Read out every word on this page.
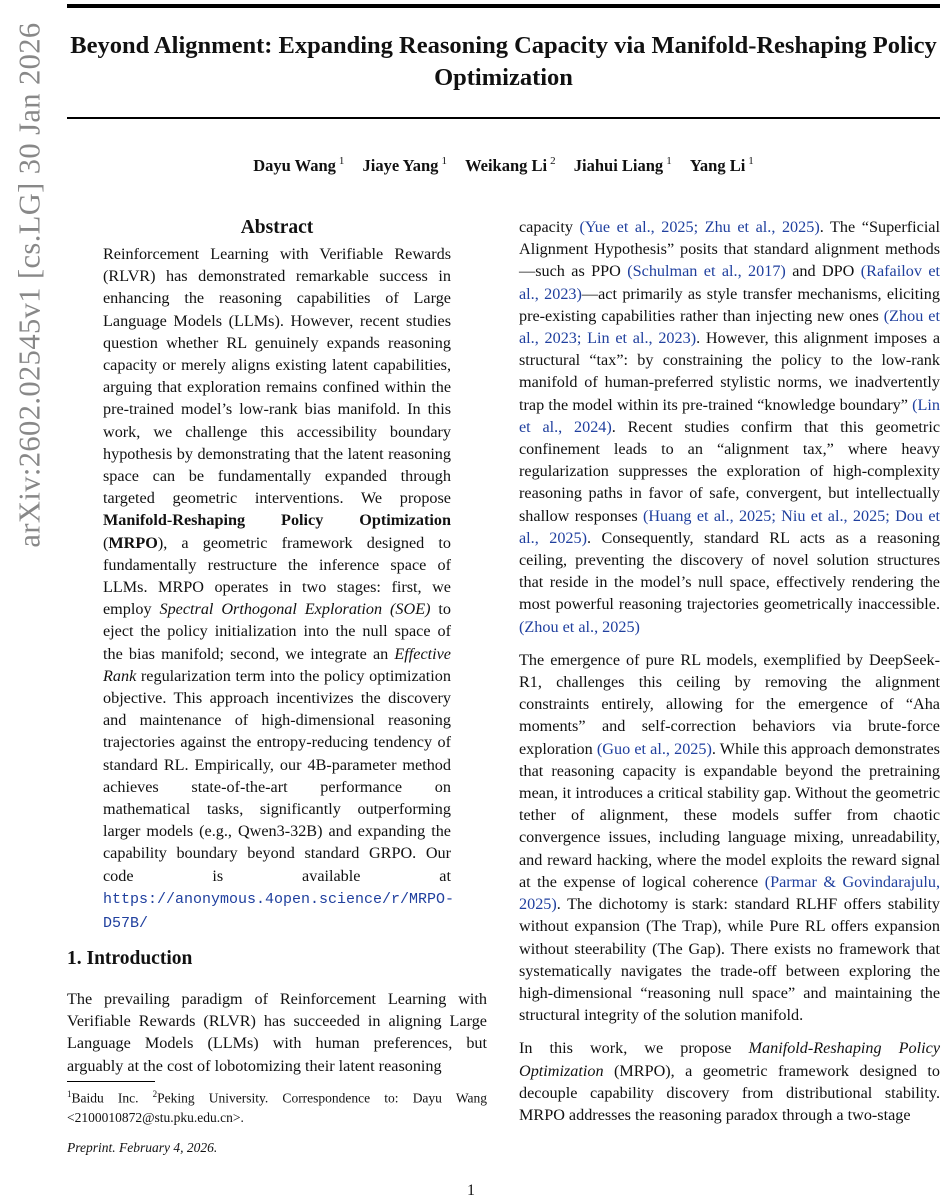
Beyond Alignment: Expanding Reasoning Capacity via Manifold-Reshaping Policy Optimization
Dayu Wang $^1$ Jiaye Yang $^1$ Weikang Li $^2$ Jiahui Liang $^1$ Yang Li $^1$
arXiv:2602.02545v1 [cs.LG] 30 Jan 2026	Abstract

Reinforcement Learning with Verifiable Rewards (RLVR) has demonstrated remarkable success in enhancing the reasoning capabilities of Large Language Models (LLMs). However, recent studies question whether RL genuinely expands reasoning capacity or merely aligns existing latent capabilities, arguing that exploration remains confined within the pre-trained model’s low-rank bias manifold. In this work, we challenge this accessibility boundary hypothesis by demonstrating that the latent reasoning space can be fundamentally expanded through targeted geometric interventions. We propose Manifold-Reshaping Policy Optimization (MRPO), a geometric framework designed to fundamentally restructure the inference space of LLMs. MRPO operates in two stages: first, we employ Spectral Orthogonal Exploration (SOE) to eject the policy initialization into the null space of the bias manifold; second, we integrate an Effective Rank regularization term into the policy optimization objective. This approach incentivizes the discovery and maintenance of high-dimensional reasoning trajectories against the entropy-reducing tendency of standard RL. Empirically, our 4B-parameter method achieves state-of-the-art performance on mathematical tasks, significantly outperforming larger models (e.g., Qwen3-32B) and expanding the capability boundary beyond standard GRPO. Our code is available at https://anonymous.4open.science/r/MRPO-D57B/

1. Introduction

The prevailing paradigm of Reinforcement Learning with Verifiable Rewards (RLVR) has succeeded in aligning Large Language Models (LLMs) with human preferences, but arguably at the cost of lobotomizing their latent reasoning

$^1$Baidu Inc. $^2$Peking University. Correspondence to: Dayu Wang <2100010872@stu.pku.edu.cn>.

Preprint. February 4, 2026.

1

capacity (Yue et al., 2025; Zhu et al., 2025). The “Superficial Alignment Hypothesis” posits that standard alignment methods—such as PPO (Schulman et al., 2017) and DPO (Rafailov et al., 2023)—act primarily as style transfer mechanisms, eliciting pre-existing capabilities rather than injecting new ones (Zhou et al., 2023; Lin et al., 2023). However, this alignment imposes a structural “tax”: by constraining the policy to the low-rank manifold of human-preferred stylistic norms, we inadvertently trap the model within its pre-trained “knowledge boundary” (Lin et al., 2024). Recent studies confirm that this geometric confinement leads to an “alignment tax,” where heavy regularization suppresses the exploration of high-complexity reasoning paths in favor of safe, convergent, but intellectually shallow responses (Huang et al., 2025; Niu et al., 2025; Dou et al., 2025). Consequently, standard RL acts as a reasoning ceiling, preventing the discovery of novel solution structures that reside in the model’s null space, effectively rendering the most powerful reasoning trajectories geometrically inaccessible. (Zhou et al., 2025)

The emergence of pure RL models, exemplified by DeepSeek-R1, challenges this ceiling by removing the alignment constraints entirely, allowing for the emergence of “Aha moments” and self-correction behaviors via brute-force exploration (Guo et al., 2025). While this approach demonstrates that reasoning capacity is expandable beyond the pretraining mean, it introduces a critical stability gap. Without the geometric tether of alignment, these models suffer from chaotic convergence issues, including language mixing, unreadability, and reward hacking, where the model exploits the reward signal at the expense of logical coherence (Parmar & Govindarajulu, 2025). The dichotomy is stark: standard RLHF offers stability without expansion (The Trap), while Pure RL offers expansion without steerability (The Gap). There exists no framework that systematically navigates the trade-off between exploring the high-dimensional “reasoning null space” and maintaining the structural integrity of the solution manifold.

In this work, we propose Manifold-Reshaping Policy Optimization (MRPO), a geometric framework designed to decouple capability discovery from distributional stability. MRPO addresses the reasoning paradox through a two-stage
